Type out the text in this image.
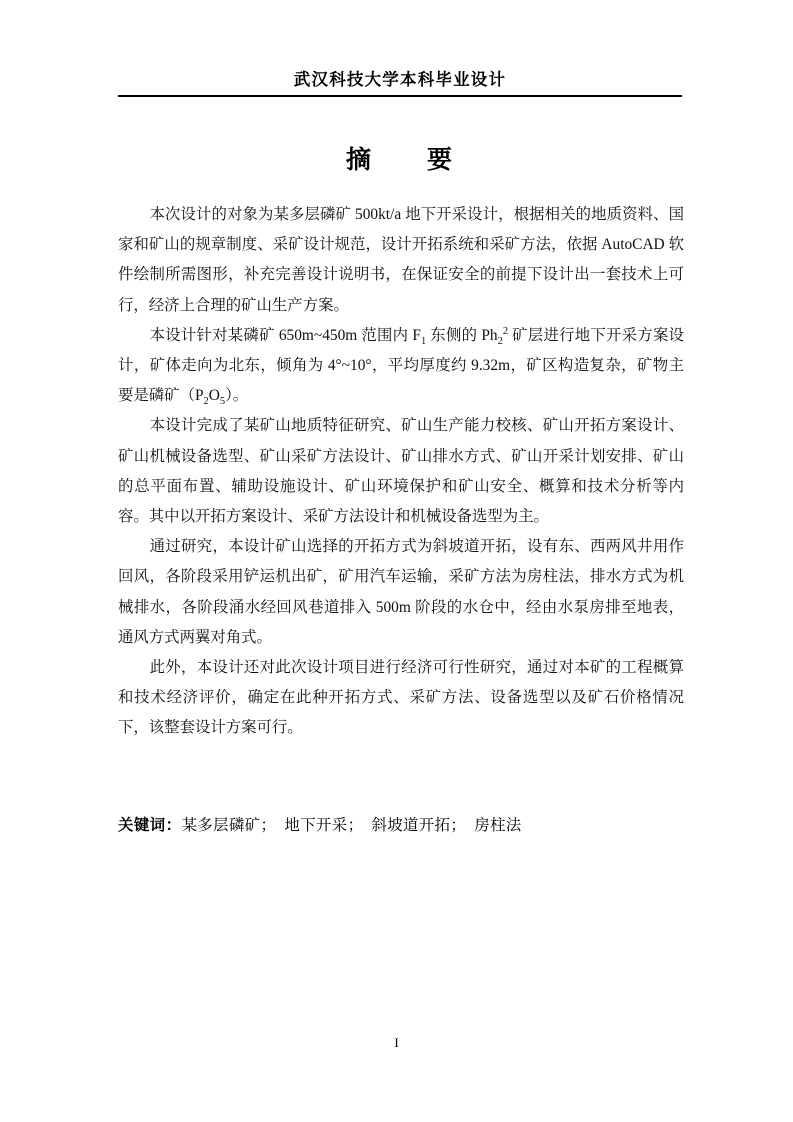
武汉科技大学本科毕业设计
摘　　要

本次设计的对象为某多层磷矿 500kt/a 地下开采设计，根据相关的地质资料、国家和矿山的规章制度、采矿设计规范，设计开拓系统和采矿方法，依据 AutoCAD 软件绘制所需图形，补充完善设计说明书，在保证安全的前提下设计出一套技术上可行，经济上合理的矿山生产方案。

本设计针对某磷矿 650m~450m 范围内 $F_1$ 东侧的 $Ph_2^2$ 矿层进行地下开采方案设计，矿体走向为北东，倾角为 4°~10°，平均厚度约 9.32m，矿区构造复杂，矿物主要是磷矿$(P_2O_5)$。

本设计完成了某矿山地质特征研究、矿山生产能力校核、矿山开拓方案设计、矿山机械设备选型、矿山采矿方法设计、矿山排水方式、矿山开采计划安排、矿山的总平面布置、辅助设施设计、矿山环境保护和矿山安全、概算和技术分析等内容。其中以开拓方案设计、采矿方法设计和机械设备选型为主。

通过研究，本设计矿山选择的开拓方式为斜坡道开拓，设有东、西两风井用作回风，各阶段采用铲运机出矿，矿用汽车运输，采矿方法为房柱法，排水方式为机械排水，各阶段涌水经回风巷道排入 500m 阶段的水仓中，经由水泵房排至地表，通风方式两翼对角式。

此外，本设计还对此次设计项目进行经济可行性研究，通过对本矿的工程概算和技术经济评价，确定在此种开拓方式、采矿方法、设备选型以及矿石价格情况下，该整套设计方案可行。

关键词：某多层磷矿；　地下开采；　斜坡道开拓；　房柱法
I
